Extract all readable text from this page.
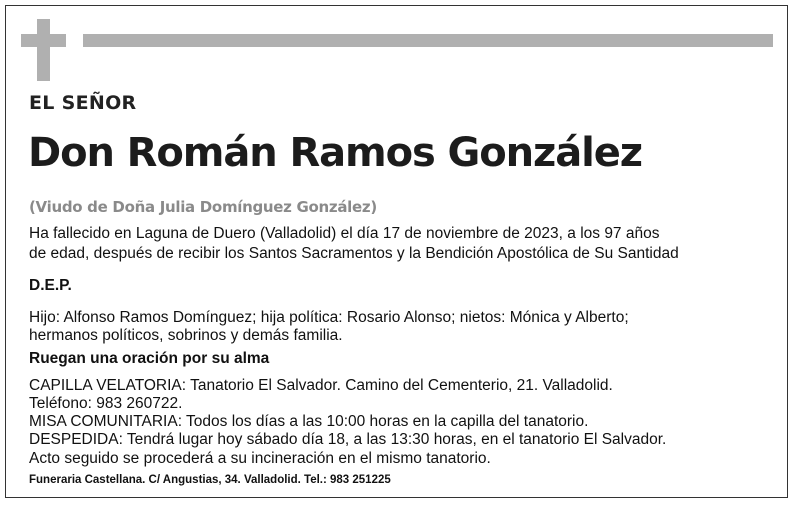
EL SEÑOR
Don Román Ramos González
(Viudo de Doña Julia Domínguez González)
Ha fallecido en Laguna de Duero (Valladolid) el día 17 de noviembre de 2023, a los 97 años
de edad, después de recibir los Santos Sacramentos y la Bendición Apostólica de Su Santidad
D.E.P.
Hijo: Alfonso Ramos Domínguez; hija política: Rosario Alonso; nietos: Mónica y Alberto;
hermanos políticos, sobrinos y demás familia.
Ruegan una oración por su alma
CAPILLA VELATORIA: Tanatorio El Salvador. Camino del Cementerio, 21. Valladolid.
Teléfono: 983 260722.
MISA COMUNITARIA: Todos los días a las 10:00 horas en la capilla del tanatorio.
DESPEDIDA: Tendrá lugar hoy sábado día 18, a las 13:30 horas, en el tanatorio El Salvador.
Acto seguido se procederá a su incineración en el mismo tanatorio.
Funeraria Castellana. C/ Angustias, 34. Valladolid. Tel.: 983 251225
